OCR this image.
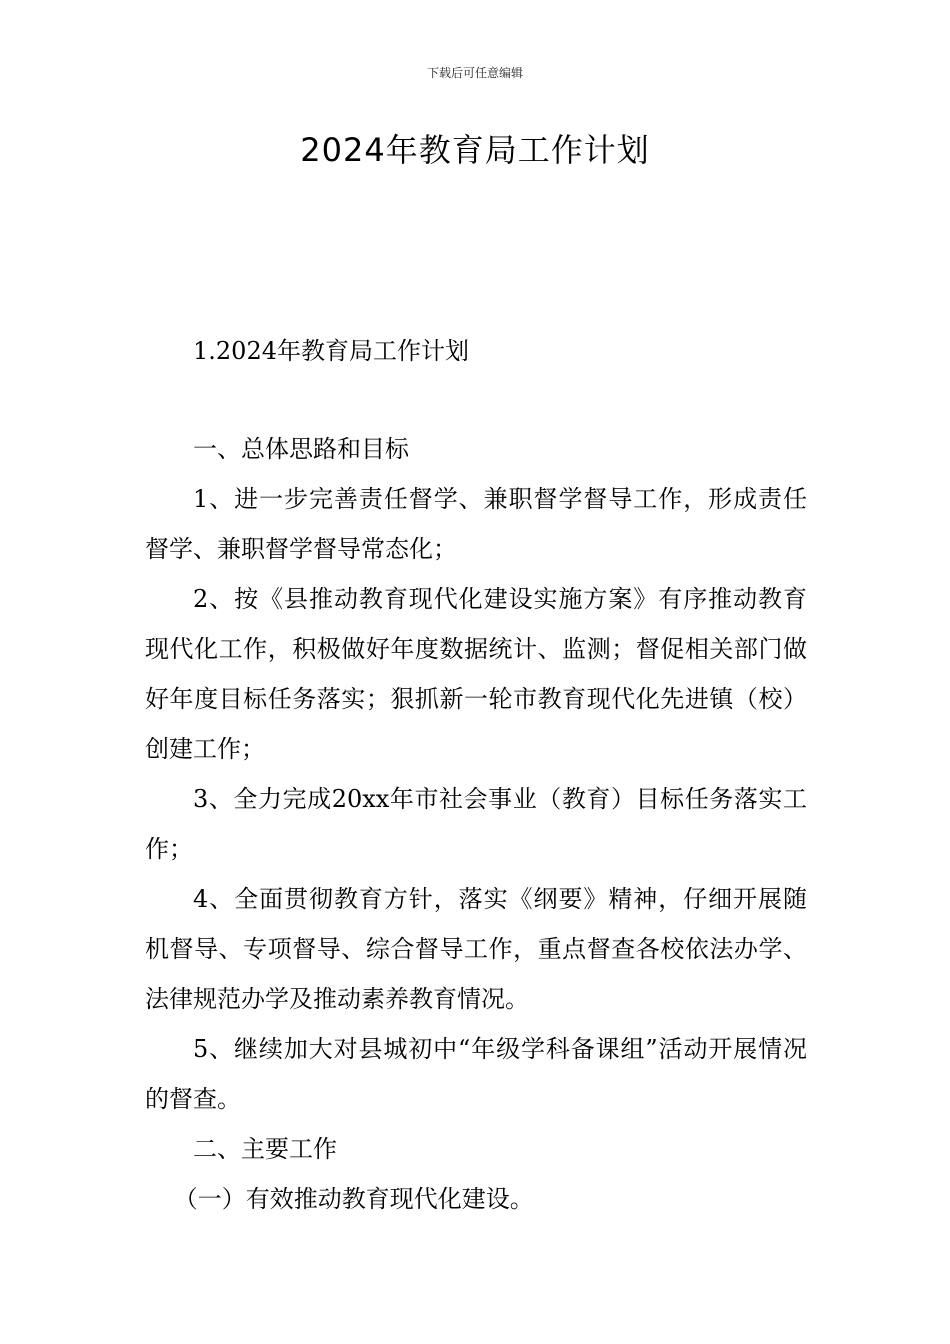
下载后可任意编辑
2024年教育局工作计划

1.2024年教育局工作计划

一、总体思路和目标

1、进一步完善责任督学、兼职督学督导工作，形成责任督学、兼职督学督导常态化；

2、按《县推动教育现代化建设实施方案》有序推动教育现代化工作，积极做好年度数据统计、监测；督促相关部门做好年度目标任务落实；狠抓新一轮市教育现代化先进镇（校）创建工作；

3、全力完成20xx年市社会事业（教育）目标任务落实工作；

4、全面贯彻教育方针，落实《纲要》精神，仔细开展随机督导、专项督导、综合督导工作，重点督查各校依法办学、法律规范办学及推动素养教育情况。

5、继续加大对县城初中“年级学科备课组”活动开展情况的督查。

二、主要工作

（一）有效推动教育现代化建设。
